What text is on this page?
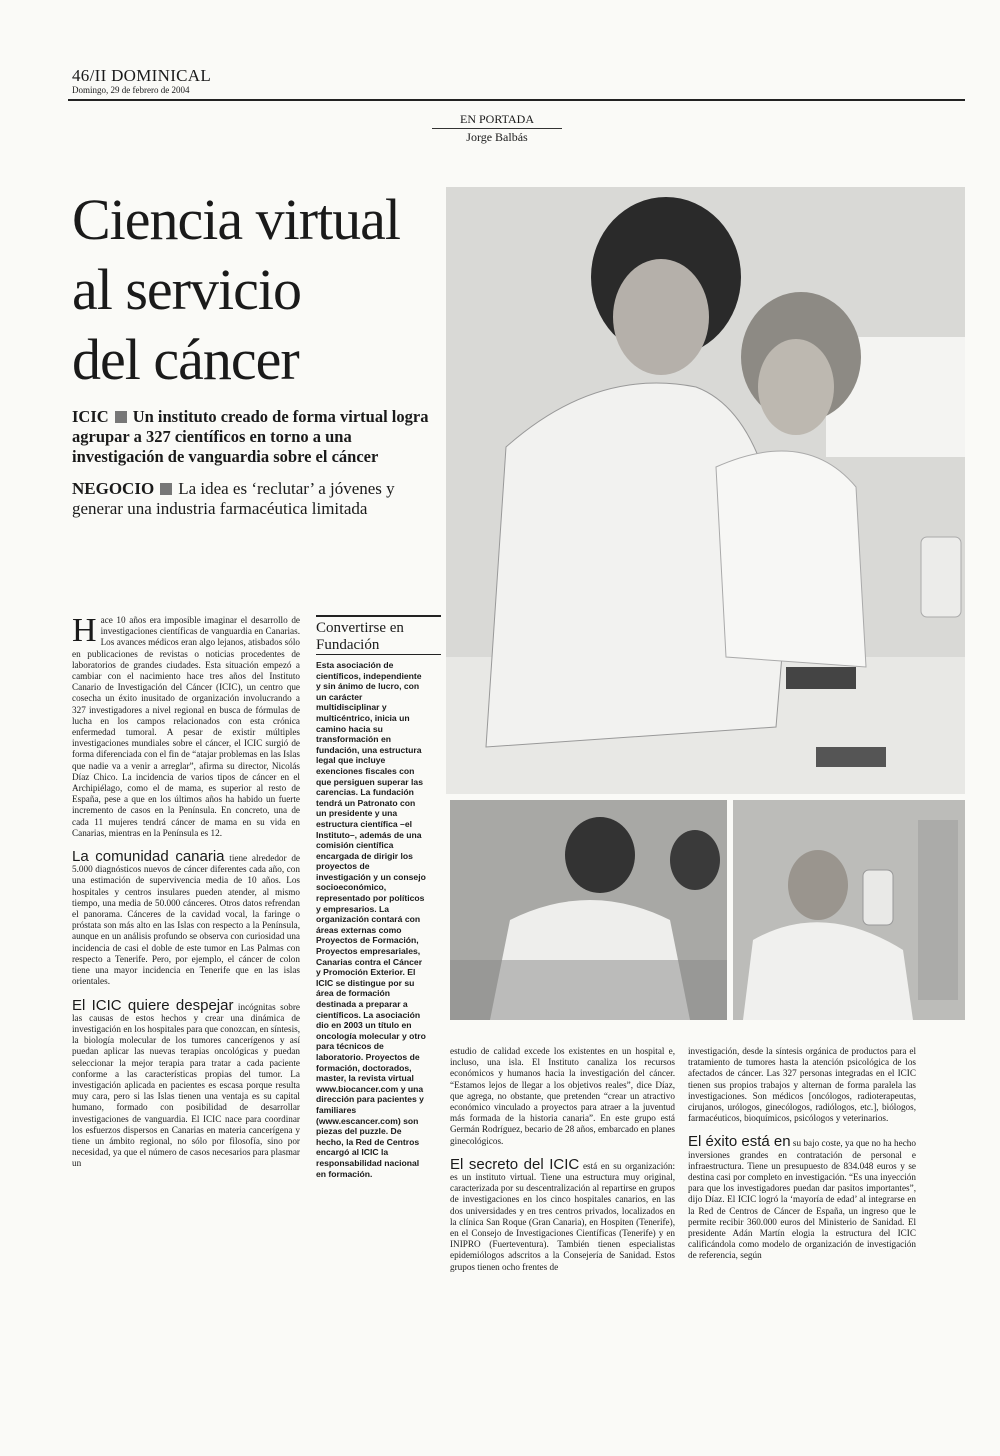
46/II DOMINICAL
Domingo, 29 de febrero de 2004
EN PORTADA
Jorge Balbás
Ciencia virtual
al servicio
del cáncer
ICIC Un instituto creado de forma virtual logra agrupar a 327 científicos en torno a una investigación de vanguardia sobre el cáncer
NEGOCIO La idea es ‘reclutar’ a jóvenes y generar una industria farmacéutica limitada

Hace 10 años era imposible imaginar el desarrollo de investigaciones científicas de vanguardia en Canarias. Los avances médicos eran algo lejanos, atisbados sólo en publicaciones de revistas o noticias procedentes de laboratorios de grandes ciudades. Esta situación empezó a cambiar con el nacimiento hace tres años del Instituto Canario de Investigación del Cáncer (ICIC), un centro que cosecha un éxito inusitado de organización involucrando a 327 investigadores a nivel regional en busca de fórmulas de lucha en los campos relacionados con esta crónica enfermedad tumoral. A pesar de existir múltiples investigaciones mundiales sobre el cáncer, el ICIC surgió de forma diferenciada con el fin de “atajar problemas en las Islas que nadie va a venir a arreglar”, afirma su director, Nicolás Díaz Chico. La incidencia de varios tipos de cáncer en el Archipiélago, como el de mama, es superior al resto de España, pese a que en los últimos años ha habido un fuerte incremento de casos en la Península. En concreto, una de cada 11 mujeres tendrá cáncer de mama en su vida en Canarias, mientras en la Península es 12.

La comunidad canaria tiene alrededor de 5.000 diagnósticos nuevos de cáncer diferentes cada año, con una estimación de supervivencia media de 10 años. Los hospitales y centros insulares pueden atender, al mismo tiempo, una media de 50.000 cánceres. Otros datos refrendan el panorama. Cánceres de la cavidad vocal, la faringe o próstata son más alto en las Islas con respecto a la Península, aunque en un análisis profundo se observa con curiosidad una incidencia de casi el doble de este tumor en Las Palmas con respecto a Tenerife. Pero, por ejemplo, el cáncer de colon tiene una mayor incidencia en Tenerife que en las islas orientales.

El ICIC quiere despejar incógnitas sobre las causas de estos hechos y crear una dinámica de investigación en los hospitales para que conozcan, en síntesis, la biología molecular de los tumores cancerígenos y así puedan aplicar las nuevas terapias oncológicas y puedan seleccionar la mejor terapia para tratar a cada paciente conforme a las características propias del tumor. La investigación aplicada en pacientes es escasa porque resulta muy cara, pero si las Islas tienen una ventaja es su capital humano, formado con posibilidad de desarrollar investigaciones de vanguardia. El ICIC nace para coordinar los esfuerzos dispersos en Canarias en materia cancerígena y tiene un ámbito regional, no sólo por filosofía, sino por necesidad, ya que el número de casos necesarios para plasmar un

Convertirse en Fundación
Esta asociación de científicos, independiente y sin ánimo de lucro, con un carácter multidisciplinar y multicéntrico, inicia un camino hacia su transformación en fundación, una estructura legal que incluye exenciones fiscales con que persiguen superar las carencias. La fundación tendrá un Patronato con un presidente y una estructura científica –el Instituto–, además de una comisión científica encargada de dirigir los proyectos de investigación y un consejo socioeconómico, representado por políticos y empresarios. La organización contará con áreas externas como Proyectos de Formación, Proyectos empresariales, Canarias contra el Cáncer y Promoción Exterior. El ICIC se distingue por su área de formación destinada a preparar a científicos. La asociación dio en 2003 un título en oncología molecular y otro para técnicos de laboratorio. Proyectos de formación, doctorados, master, la revista virtual www.biocancer.com y una dirección para pacientes y familiares (www.escancer.com) son piezas del puzzle. De hecho, la Red de Centros encargó al ICIC la responsabilidad nacional en formación.

estudio de calidad excede los existentes en un hospital e, incluso, una isla. El Instituto canaliza los recursos económicos y humanos hacia la investigación del cáncer. “Estamos lejos de llegar a los objetivos reales”, dice Díaz, que agrega, no obstante, que pretenden “crear un atractivo económico vinculado a proyectos para atraer a la juventud más formada de la historia canaria”. En este grupo está Germán Rodríguez, becario de 28 años, embarcado en planes ginecológicos.

El secreto del ICIC está en su organización: es un instituto virtual. Tiene una estructura muy original, caracterizada por su descentralización al repartirse en grupos de investigaciones en los cinco hospitales canarios, en las dos universidades y en tres centros privados, localizados en la clínica San Roque (Gran Canaria), en Hospiten (Tenerife), en el Consejo de Investigaciones Científicas (Tenerife) y en INIPRO (Fuerteventura). También tienen especialistas epidemiólogos adscritos a la Consejería de Sanidad. Estos grupos tienen ocho frentes de

investigación, desde la síntesis orgánica de productos para el tratamiento de tumores hasta la atención psicológica de los afectados de cáncer. Las 327 personas integradas en el ICIC tienen sus propios trabajos y alternan de forma paralela las investigaciones. Son médicos [oncólogos, radioterapeutas, cirujanos, urólogos, ginecólogos, radiólogos, etc.], biólogos, farmacéuticos, bioquímicos, psicólogos y veterinarios.

El éxito está en su bajo coste, ya que no ha hecho inversiones grandes en contratación de personal e infraestructura. Tiene un presupuesto de 834.048 euros y se destina casi por completo en investigación. “Es una inyección para que los investigadores puedan dar pasitos importantes”, dijo Díaz. El ICIC logró la ‘mayoría de edad’ al integrarse en la Red de Centros de Cáncer de España, un ingreso que le permite recibir 360.000 euros del Ministerio de Sanidad. El presidente Adán Martín elogia la estructura del ICIC calificándola como modelo de organización de investigación de referencia, según
